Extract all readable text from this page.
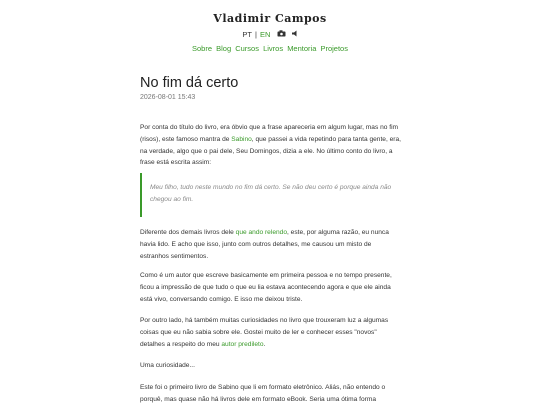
Vladimir Campos
PT | EN
Sobre Blog Cursos Livros Mentoria Projetos
No fim dá certo
2026-08-01 15:43

Por conta do título do livro, era óbvio que a frase apareceria em algum lugar, mas no fim (risos), este famoso mantra de Sabino, que passei a vida repetindo para tanta gente, era, na verdade, algo que o pai dele, Seu Domingos, dizia a ele. No último conto do livro, a frase está escrita assim:

Meu filho, tudo neste mundo no fim dá certo. Se não deu certo é porque ainda não chegou ao fim.

Diferente dos demais livros dele que ando relendo, este, por alguma razão, eu nunca havia lido. E acho que isso, junto com outros detalhes, me causou um misto de estranhos sentimentos.

Como é um autor que escreve basicamente em primeira pessoa e no tempo presente, ficou a impressão de que tudo o que eu lia estava acontecendo agora e que ele ainda está vivo, conversando comigo. E isso me deixou triste.

Por outro lado, há também muitas curiosidades no livro que trouxeram luz a algumas coisas que eu não sabia sobre ele. Gostei muito de ler e conhecer esses "novos" detalhes a respeito do meu autor predileto.

Uma curiosidade...

Este foi o primeiro livro de Sabino que li em formato eletrônico. Aliás, não entendo o porquê, mas quase não há livros dele em formato eBook. Seria uma ótima forma
